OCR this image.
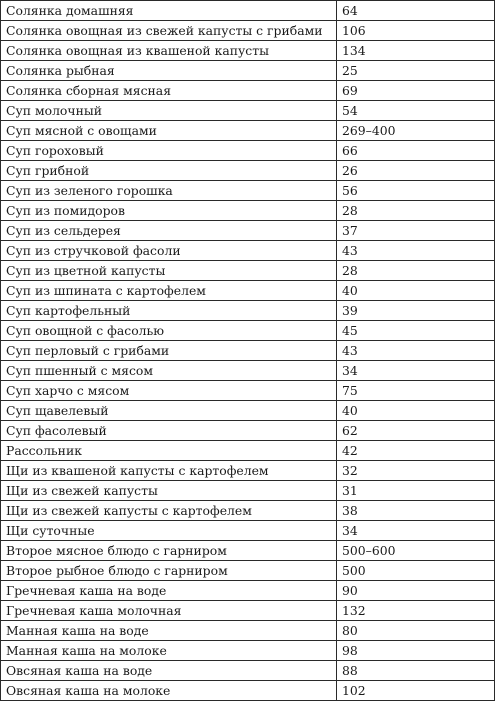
Солянка домашняя	64
Солянка овощная из свежей капусты с грибами	106
Солянка овощная из квашеной капусты	134
Солянка рыбная	25
Солянка сборная мясная	69
Суп молочный	54
Суп мясной с овощами	269–400
Суп гороховый	66
Суп грибной	26
Суп из зеленого горошка	56
Суп из помидоров	28
Суп из сельдерея	37
Суп из стручковой фасоли	43
Суп из цветной капусты	28
Суп из шпината с картофелем	40
Суп картофельный	39
Суп овощной с фасолью	45
Суп перловый с грибами	43
Суп пшенный с мясом	34
Суп харчо с мясом	75
Суп щавелевый	40
Суп фасолевый	62
Рассольник	42
Щи из квашеной капусты с картофелем	32
Щи из свежей капусты	31
Щи из свежей капусты с картофелем	38
Щи суточные	34
Второе мясное блюдо с гарниром	500–600
Второе рыбное блюдо с гарниром	500
Гречневая каша на воде	90
Гречневая каша молочная	132
Манная каша на воде	80
Манная каша на молоке	98
Овсяная каша на воде	88
Овсяная каша на молоке	102
